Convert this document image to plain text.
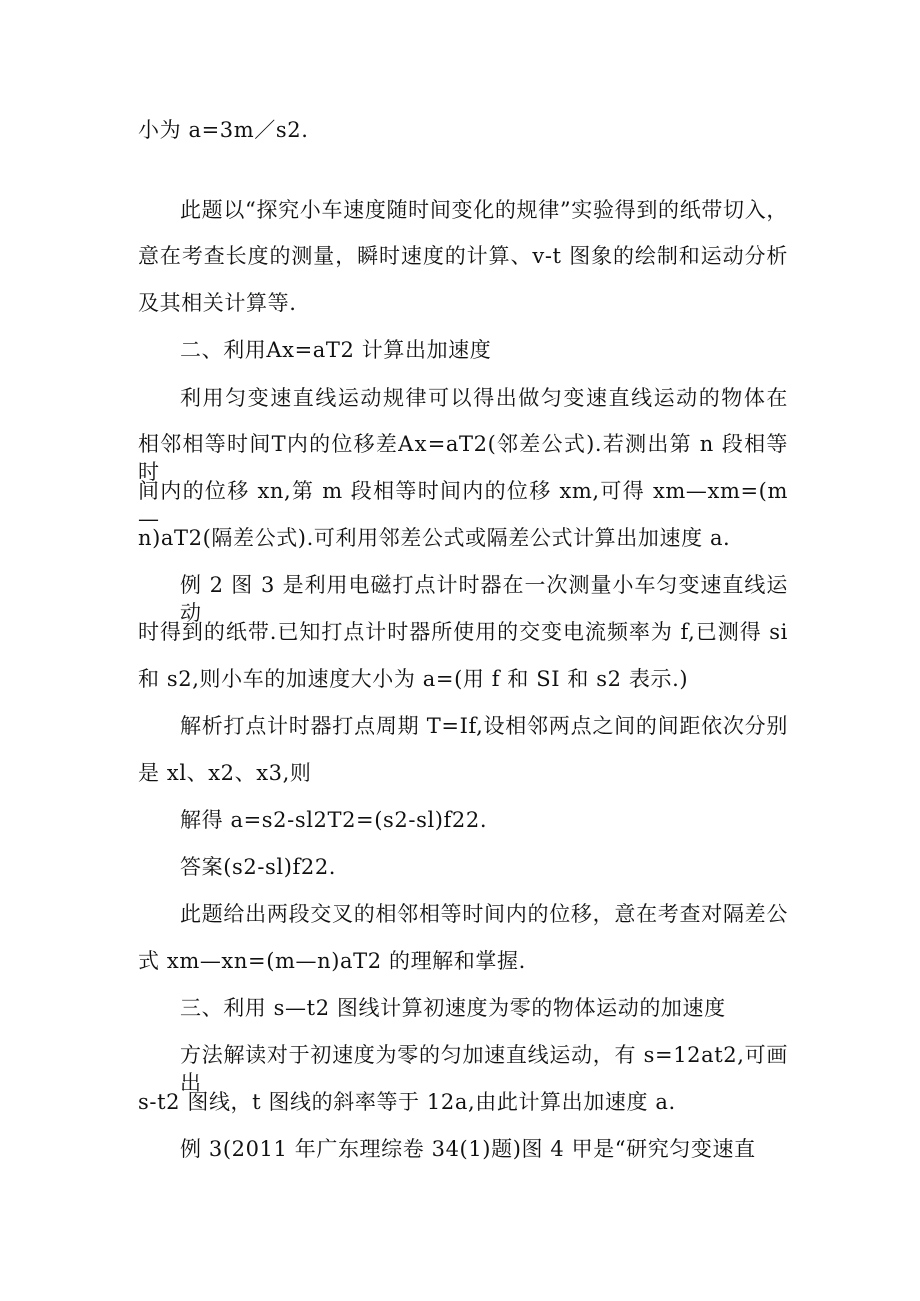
小为 a=3m／s2.
此题以“探究小车速度随时间变化的规律”实验得到的纸带切入，
意在考查长度的测量，瞬时速度的计算、v-t 图象的绘制和运动分析
及其相关计算等.
二、利用Αⅹ=aT2 计算出加速度
利用匀变速直线运动规律可以得出做匀变速直线运动的物体在
相邻相等时间Τ内的位移差Αⅹ=aT2(邻差公式).若测出第 n 段相等时
间内的位移 xn,第 m 段相等时间内的位移 xm,可得 xm—xm=(m—
n)aT2(隔差公式).可利用邻差公式或隔差公式计算出加速度 a.
例 2 图 3 是利用电磁打点计时器在一次测量小车匀变速直线运动
时得到的纸带.已知打点计时器所使用的交变电流频率为 f,已测得 si
和 s2,则小车的加速度大小为 a=(用 f 和 SI 和 s2 表示.)
解析打点计时器打点周期 T=If,设相邻两点之间的间距依次分别
是 xl、x2、x3,则
解得 a=s2-sl2T2=(s2-sl)f22.
答案(s2-sl)f22.
此题给出两段交叉的相邻相等时间内的位移，意在考查对隔差公
式 xm—xn=(m—n)aT2 的理解和掌握.
三、利用 s—t2 图线计算初速度为零的物体运动的加速度
方法解读对于初速度为零的匀加速直线运动，有 s=12at2,可画出
s-t2 图线，t 图线的斜率等于 12a,由此计算出加速度 a.
例 3(2011 年广东理综卷 34(1)题)图 4 甲是“研究匀变速直
